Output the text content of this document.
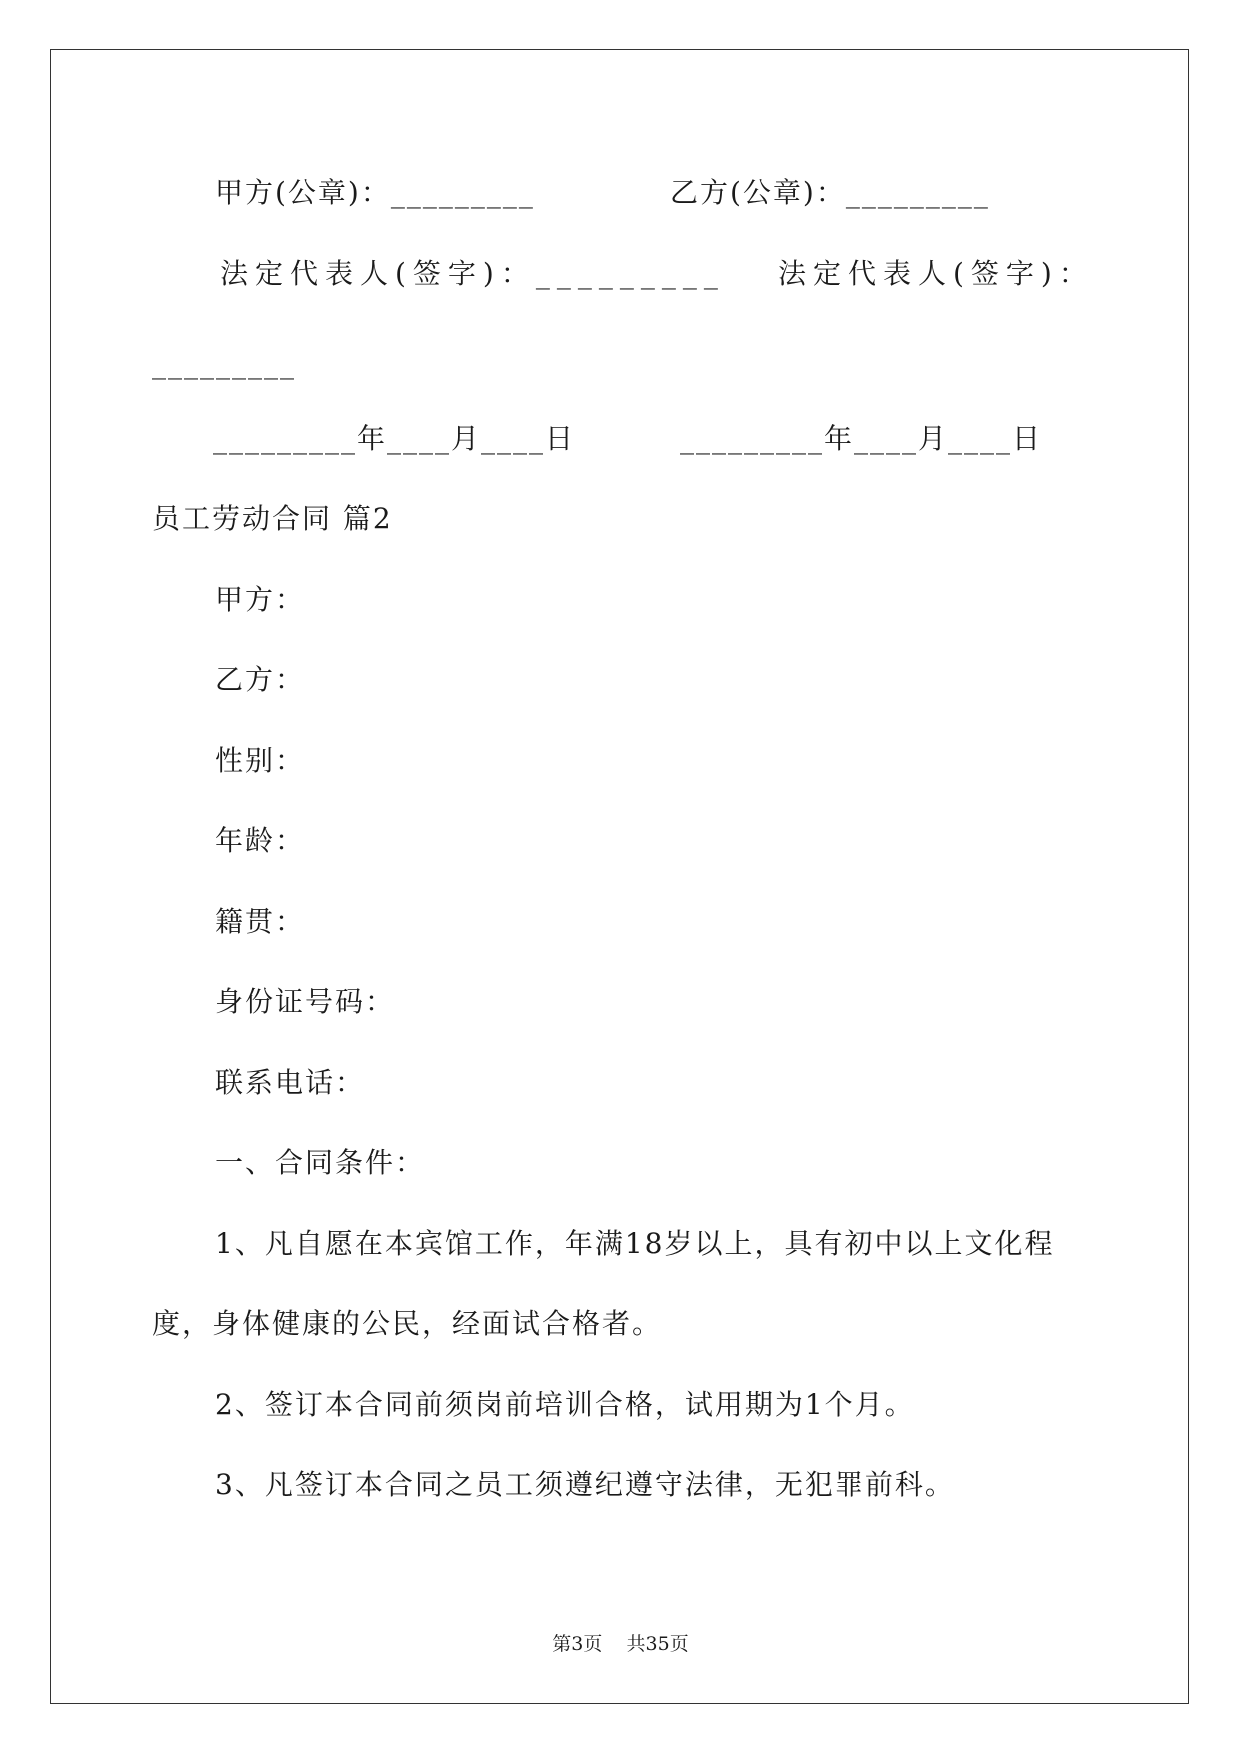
甲方(公章)：_________	乙方(公章)：_________
法定代表人(签字)：_________ 法定代表人(签字)：
_________
_________年____月____日	_________年____月____日
员工劳动合同 篇2
甲方：
乙方：
性别：
年龄：
籍贯：
身份证号码：
联系电话：
一、合同条件：
1、凡自愿在本宾馆工作，年满18岁以上，具有初中以上文化程
度，身体健康的公民，经面试合格者。
2、签订本合同前须岗前培训合格，试用期为1个月。
3、凡签订本合同之员工须遵纪遵守法律，无犯罪前科。
第3页    共35页
